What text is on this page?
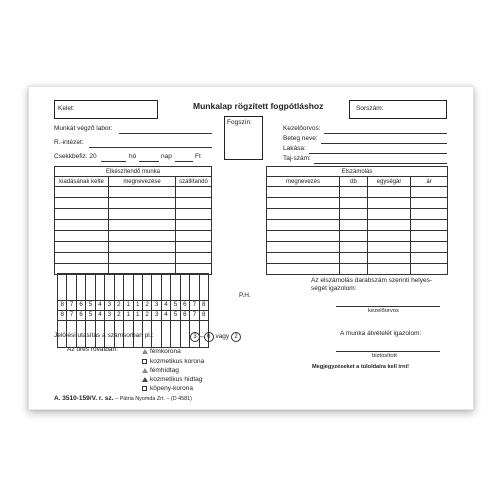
Munkalap rögzített fogpótláshoz
Kelet:	Sorszám:
Fogszín:
Munkát végző labor:
R.-intézet:
Csekkbefiz. 20	hó	nap	Ft
Kezelőorvos:
Beteg neve:
Lakása:
Taj-szám:
Elkészítendő munka		
kiadásának kelte	megnevezése	szállítandó

Elszámolás			
megnevezés	db	egységár	ár

8	7	6	5	4	3	2	1	1	2	3	4	5	6	7	8
8	7	6	5	4	3	2	1	1	2	3	4	5	6	7	8

P.H.
Az elszámolás darabszám szerinti helyes-
ségét igazolom:
kezelőorvos
A munka átvételét igazolom:
biztosított
Megjegyzéseket a túloldalra kell írni!
Jelölési utasítás a számsorban pl.:	3 – 6 vagy 2
Az üres rovatban:	fémkorona
kozmetikus korona
fémhídtag
kozmetikus hídtag
köpeny-korona
A. 3510-159/V. r. sz. – Pátria Nyomda Zrt. – (D 4581)
